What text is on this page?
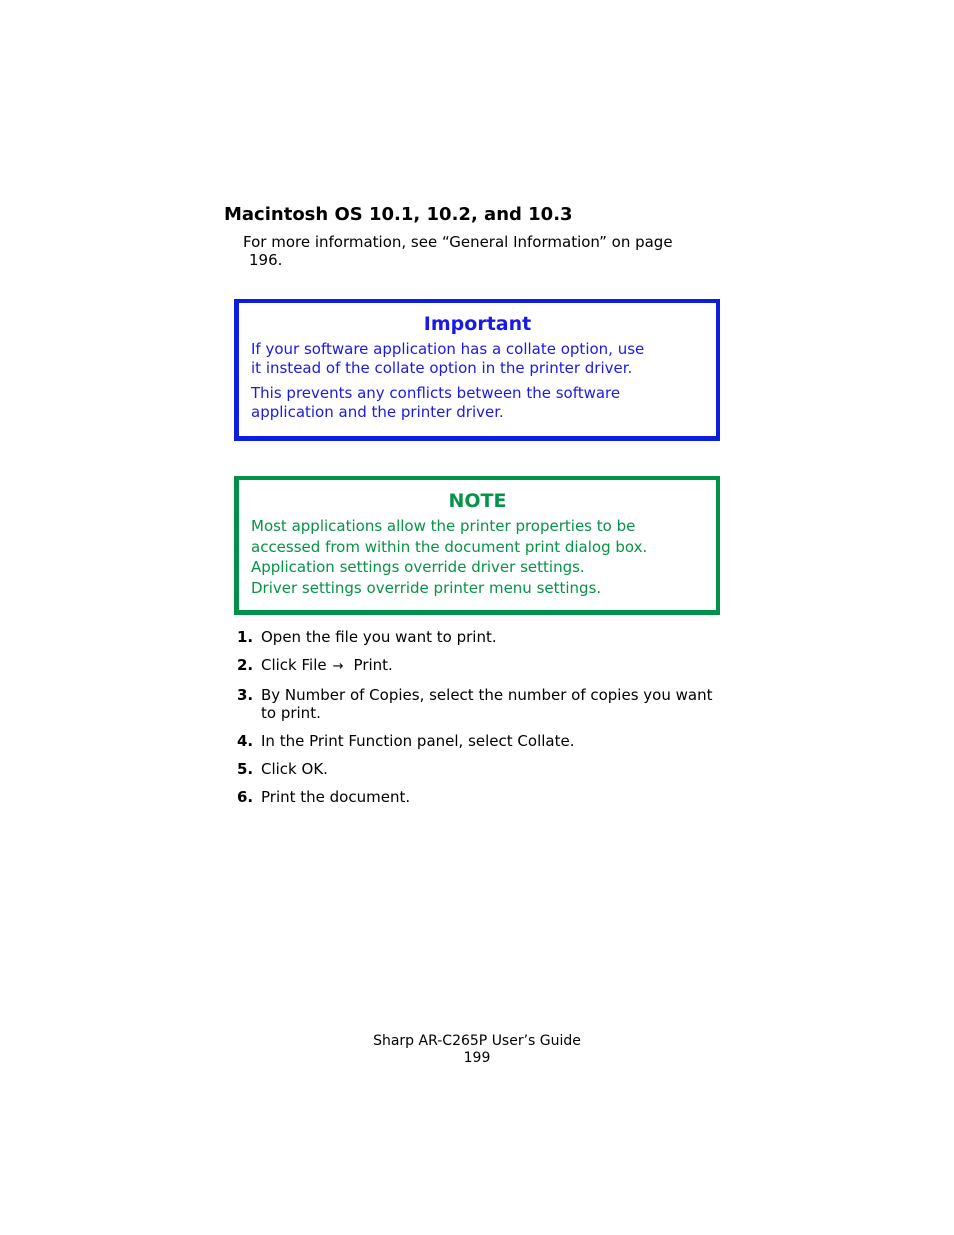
Macintosh OS 10.1, 10.2, and 10.3

For more information, see “General Information” on page
196.

Important

If your software application has a collate option, use
it instead of the collate option in the printer driver.

This prevents any conflicts between the software
application and the printer driver.

NOTE

Most applications allow the printer properties to be

accessed from within the document print dialog box.

Application settings override driver settings.

Driver settings override printer menu settings.

1. Open the file you want to print.
2. Click File → Print.
3. By Number of Copies, select the number of copies you want
to print.
4. In the Print Function panel, select Collate.
5. Click OK.
6. Print the document.
Sharp AR-C265P User’s Guide
199
